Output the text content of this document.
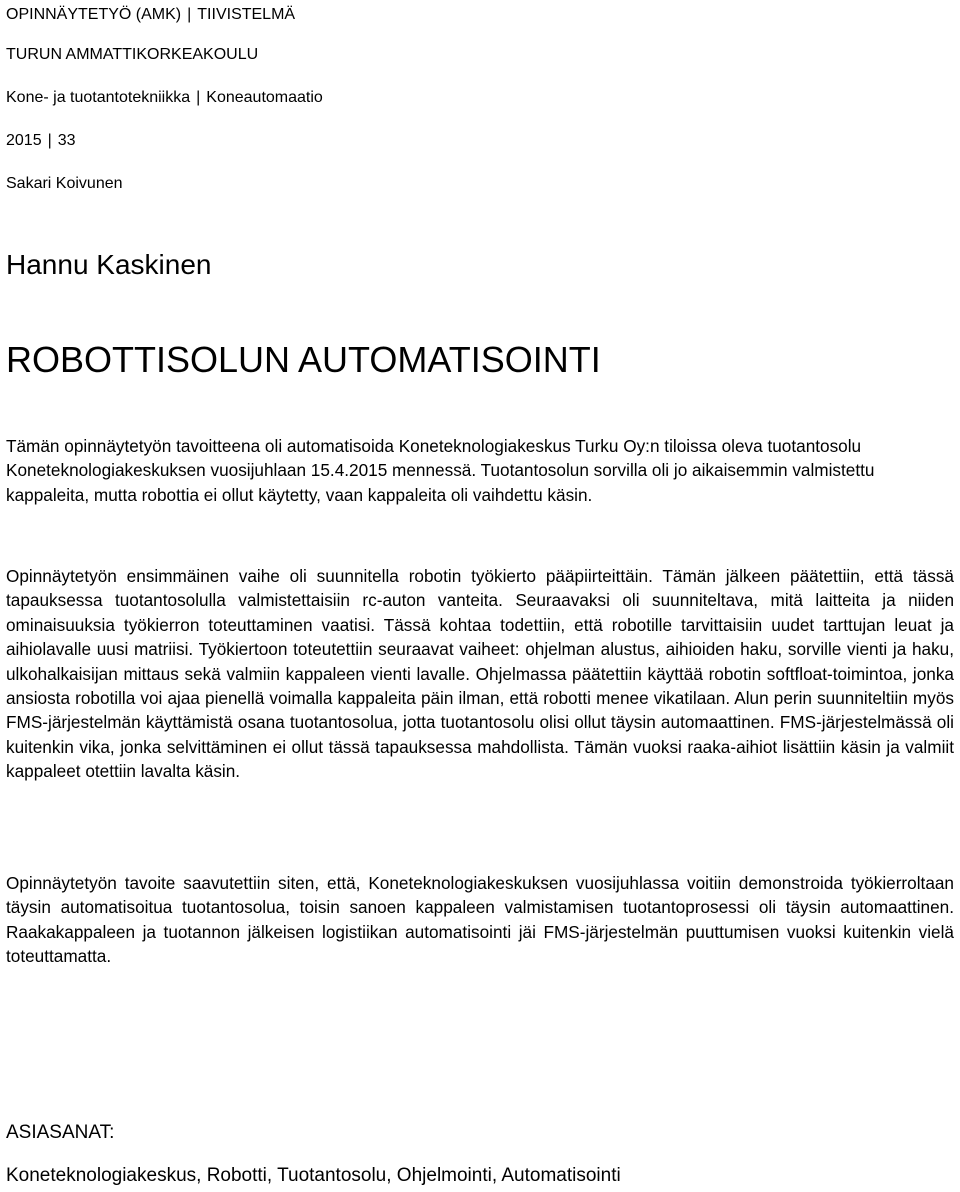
OPINNÄYTETYÖ (AMK) | TIIVISTELMÄ
TURUN AMMATTIKORKEAKOULU
Kone- ja tuotantotekniikka | Koneautomaatio
2015 | 33
Sakari Koivunen
Hannu Kaskinen
ROBOTTISOLUN AUTOMATISOINTI

Tämän opinnäytetyön tavoitteena oli automatisoida Koneteknologiakeskus Turku Oy:n tiloissa oleva tuotantosolu Koneteknologiakeskuksen vuosijuhlaan 15.4.2015 mennessä. Tuotantosolun sorvilla oli jo aikaisemmin valmistettu kappaleita, mutta robottia ei ollut käytetty, vaan kappaleita oli vaihdettu käsin.

Opinnäytetyön ensimmäinen vaihe oli suunnitella robotin työkierto pääpiirteittäin. Tämän jälkeen päätettiin, että tässä tapauksessa tuotantosolulla valmistettaisiin rc-auton vanteita. Seuraavaksi oli suunniteltava, mitä laitteita ja niiden ominaisuuksia työkierron toteuttaminen vaatisi. Tässä kohtaa todettiin, että robotille tarvittaisiin uudet tarttujan leuat ja aihiolavalle uusi matriisi. Työkiertoon toteutettiin seuraavat vaiheet: ohjelman alustus, aihioiden haku, sorville vienti ja haku, ulkohalkaisijan mittaus sekä valmiin kappaleen vienti lavalle. Ohjelmassa päätettiin käyttää robotin softfloat-toimintoa, jonka ansiosta robotilla voi ajaa pienellä voimalla kappaleita päin ilman, että robotti menee vikatilaan. Alun perin suunniteltiin myös FMS-järjestelmän käyttämistä osana tuotantosolua, jotta tuotantosolu olisi ollut täysin automaattinen. FMS-järjestelmässä oli kuitenkin vika, jonka selvittäminen ei ollut tässä tapauksessa mahdollista. Tämän vuoksi raaka-aihiot lisättiin käsin ja valmiit kappaleet otettiin lavalta käsin.

Opinnäytetyön tavoite saavutettiin siten, että, Koneteknologiakeskuksen vuosijuhlassa voitiin demonstroida työkierroltaan täysin automatisoitua tuotantosolua, toisin sanoen kappaleen valmistamisen tuotantoprosessi oli täysin automaattinen. Raakakappaleen ja tuotannon jälkeisen logistiikan automatisointi jäi FMS-järjestelmän puuttumisen vuoksi kuitenkin vielä toteuttamatta.

ASIASANAT:
Koneteknologiakeskus, Robotti, Tuotantosolu, Ohjelmointi, Automatisointi
